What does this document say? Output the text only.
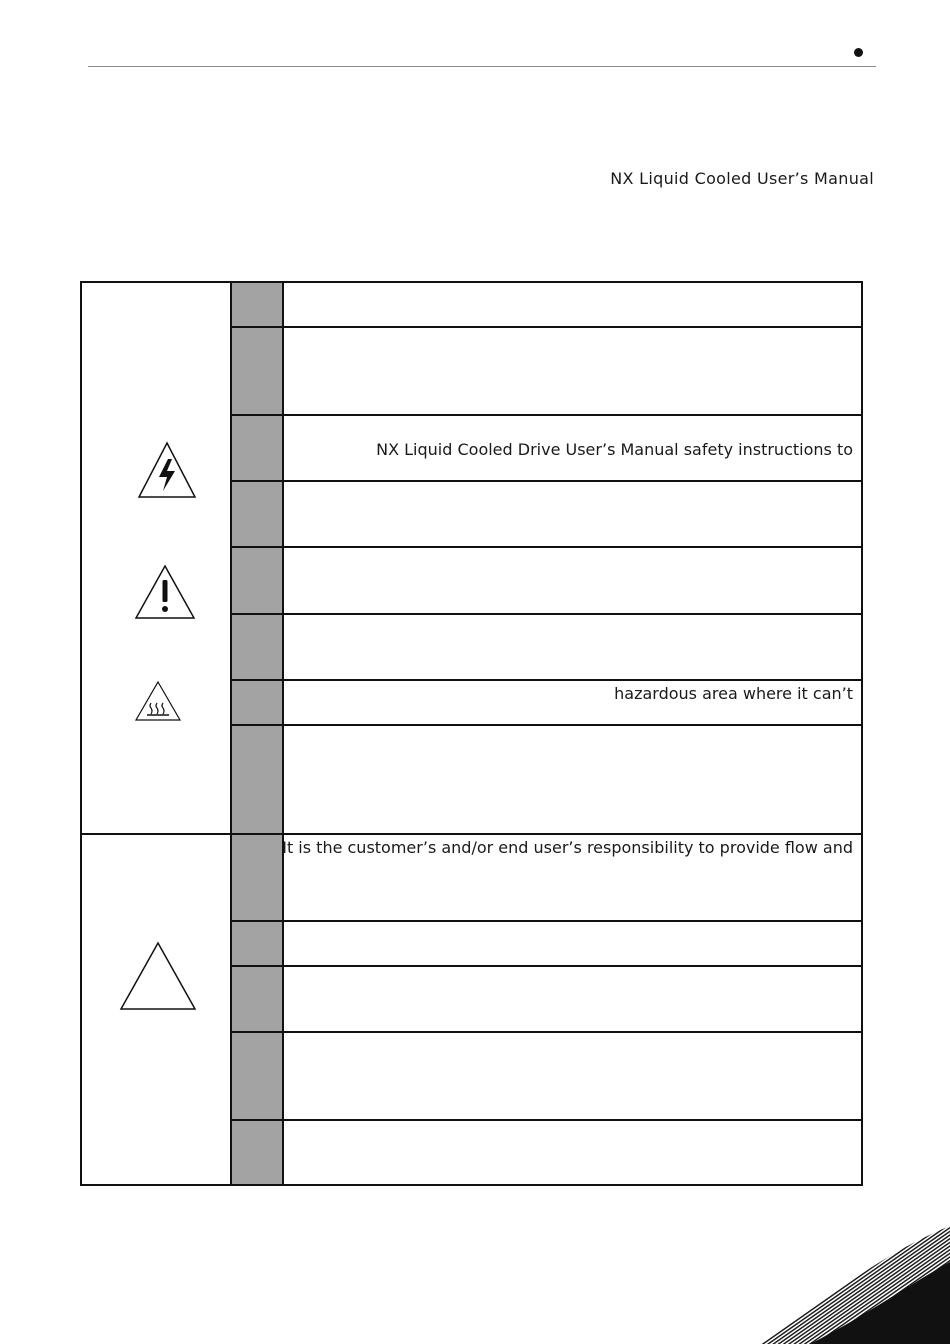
NX Liquid Cooled User’s Manual
NX Liquid Cooled Drive User’s Manual safety instructions to
hazardous area where it can’t
It is the customer’s and/or end user’s responsibility to provide flow and
